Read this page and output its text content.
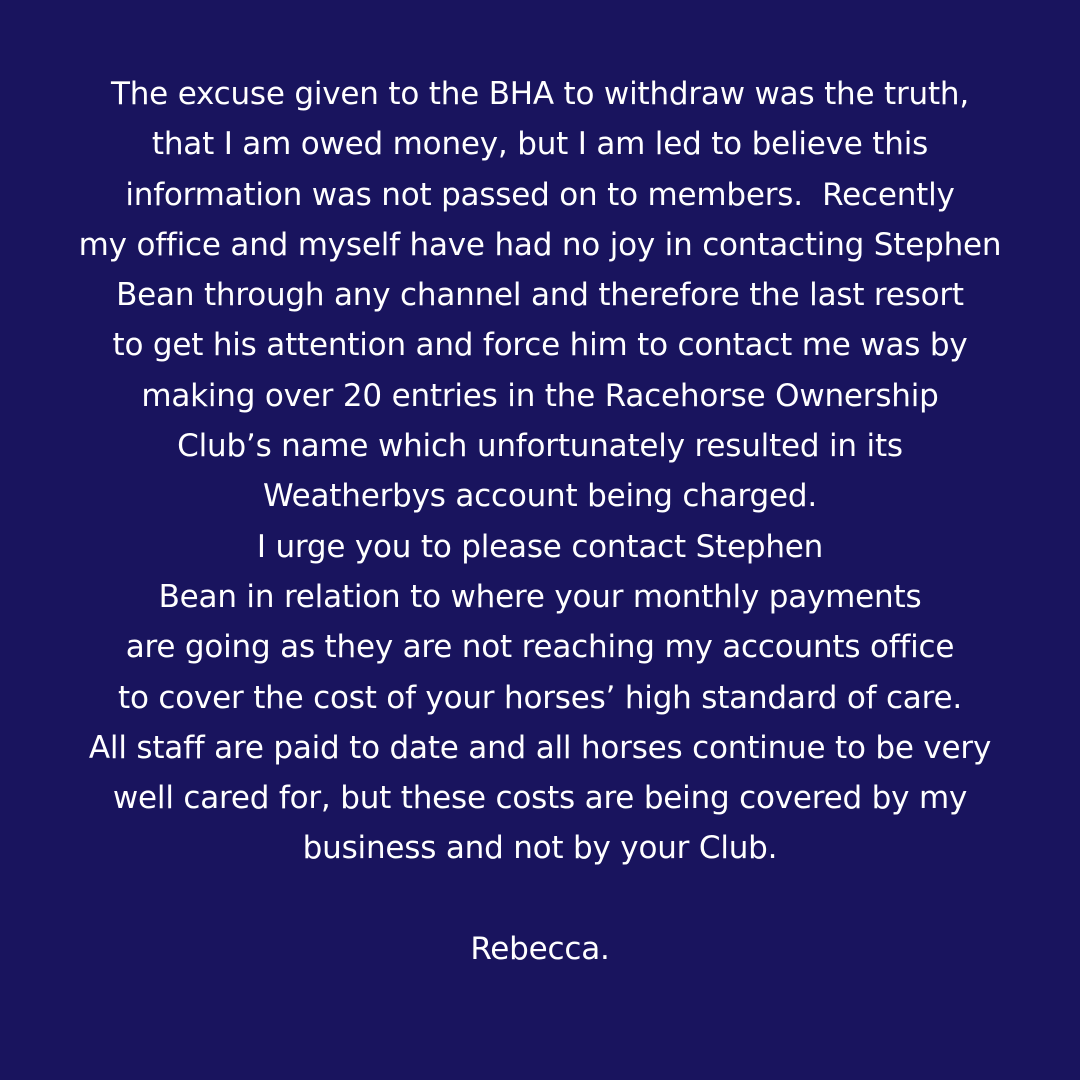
The excuse given to the BHA to withdraw was the truth,
that I am owed money, but I am led to believe this
information was not passed on to members.  Recently
my office and myself have had no joy in contacting Stephen
Bean through any channel and therefore the last resort
to get his attention and force him to contact me was by
making over 20 entries in the Racehorse Ownership
Club’s name which unfortunately resulted in its
Weatherbys account being charged.
I urge you to please contact Stephen
Bean in relation to where your monthly payments
are going as they are not reaching my accounts office
to cover the cost of your horses’ high standard of care.
All staff are paid to date and all horses continue to be very
well cared for, but these costs are being covered by my
business and not by your Club.
Rebecca.
